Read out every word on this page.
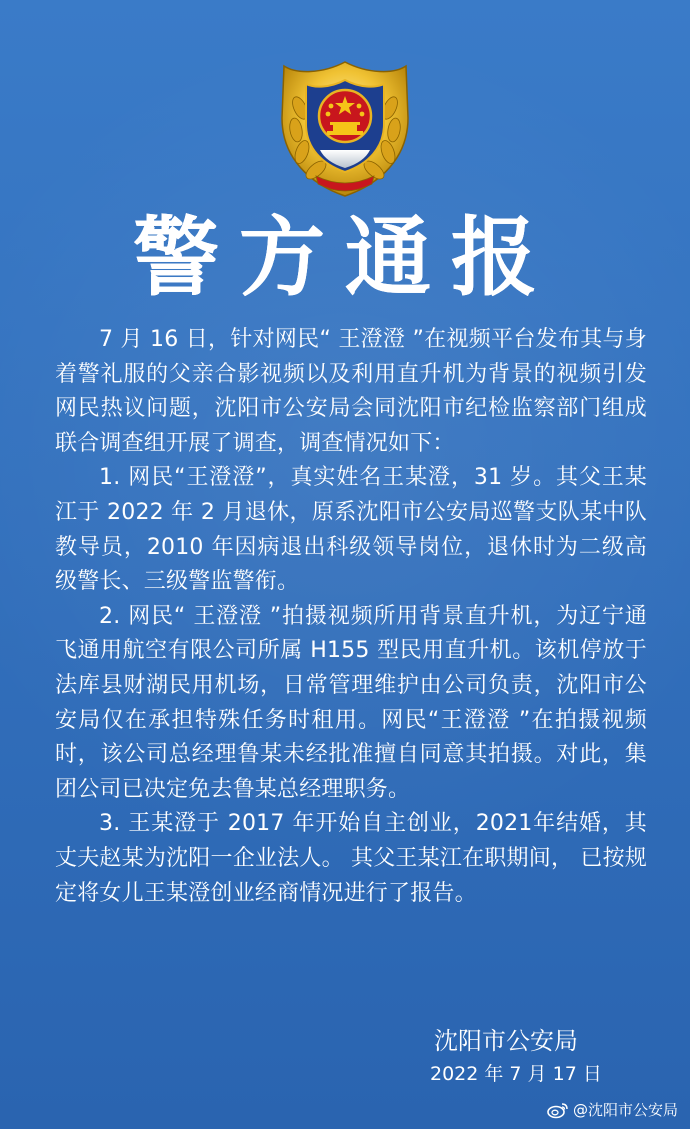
警方通报

7 月 16 日，针对网民“ 王澄澄 ”在视频平台发布其与身着警礼服的父亲合影视频以及利用直升机为背景的视频引发网民热议问题，沈阳市公安局会同沈阳市纪检监察部门组成联合调查组开展了调查，调查情况如下：

1. 网民“王澄澄”，真实姓名王某澄，31 岁。其父王某江于 2022 年 2 月退休，原系沈阳市公安局巡警支队某中队教导员，2010 年因病退出科级领导岗位，退休时为二级高级警长、三级警监警衔。

2. 网民“ 王澄澄 ”拍摄视频所用背景直升机，为辽宁通飞通用航空有限公司所属 H155 型民用直升机。该机停放于法库县财湖民用机场，日常管理维护由公司负责，沈阳市公安局仅在承担特殊任务时租用。网民“王澄澄 ”在拍摄视频时，该公司总经理鲁某未经批准擅自同意其拍摄。对此，集团公司已决定免去鲁某总经理职务。

3. 王某澄于 2017 年开始自主创业，2021年结婚，其丈夫赵某为沈阳一企业法人。 其父王某江在职期间， 已按规定将女儿王某澄创业经商情况进行了报告。

沈阳市公安局
2022 年 7 月 17 日
@沈阳市公安局
